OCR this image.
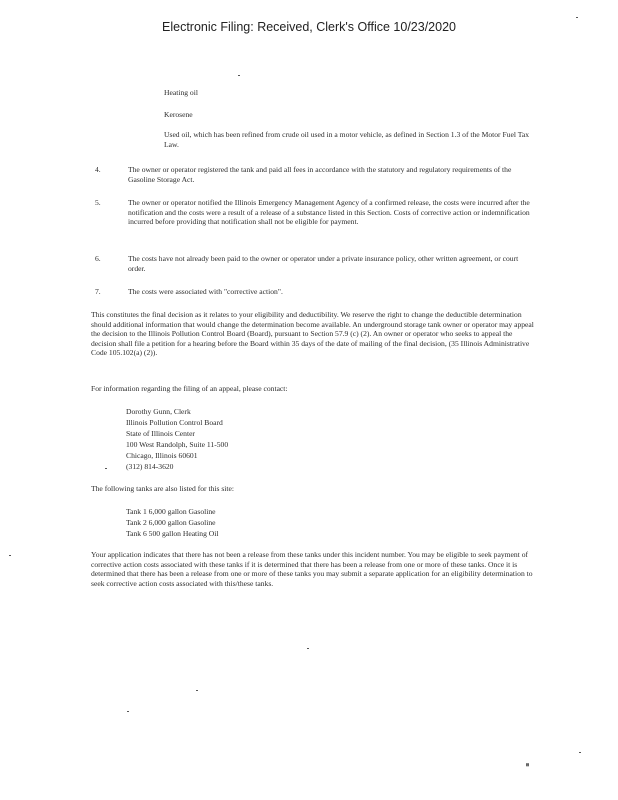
Electronic Filing: Received, Clerk's Office 10/23/2020
Heating oil
Kerosene
Used oil, which has been refined from crude oil used in a motor vehicle, as defined in Section 1.3 of the Motor Fuel Tax Law.
4.	The owner or operator registered the tank and paid all fees in accordance with the statutory and regulatory requirements of the Gasoline Storage Act.
5.	The owner or operator notified the Illinois Emergency Management Agency of a confirmed release, the costs were incurred after the notification and the costs were a result of a release of a substance listed in this Section. Costs of corrective action or indemnification incurred before providing that notification shall not be eligible for payment.
6.	The costs have not already been paid to the owner or operator under a private insurance policy, other written agreement, or court order.
7.	The costs were associated with "corrective action".
This constitutes the final decision as it relates to your eligibility and deductibility. We reserve the right to change the deductible determination should additional information that would change the determination become available. An underground storage tank owner or operator may appeal the decision to the Illinois Pollution Control Board (Board), pursuant to Section 57.9 (c) (2). An owner or operator who seeks to appeal the decision shall file a petition for a hearing before the Board within 35 days of the date of mailing of the final decision, (35 Illinois Administrative Code 105.102(a) (2)).
For information regarding the filing of an appeal, please contact:
Dorothy Gunn, Clerk
Illinois Pollution Control Board
State of Illinois Center
100 West Randolph, Suite 11-500
Chicago, Illinois 60601
(312) 814-3620
The following tanks are also listed for this site:
Tank 1 6,000 gallon Gasoline
Tank 2 6,000 gallon Gasoline
Tank 6 500 gallon Heating Oil
Your application indicates that there has not been a release from these tanks under this incident number. You may be eligible to seek payment of corrective action costs associated with these tanks if it is determined that there has been a release from one or more of these tanks. Once it is determined that there has been a release from one or more of these tanks you may submit a separate application for an eligibility determination to seek corrective action costs associated with this/these tanks.
▩
